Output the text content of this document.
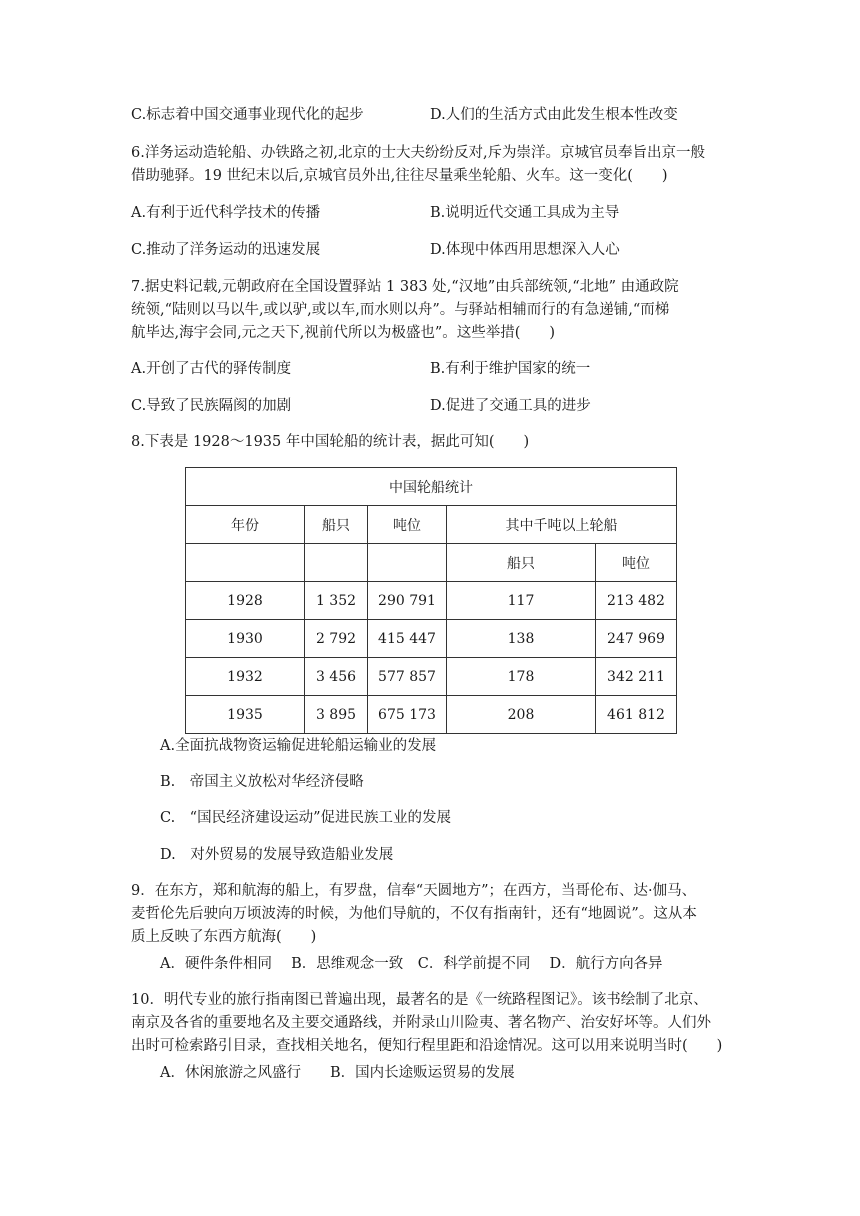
C.标志着中国交通事业现代化的起步	D.人们的生活方式由此发生根本性改变
6.洋务运动造轮船、办铁路之初,北京的士大夫纷纷反对,斥为崇洋。京城官员奉旨出京一般
借助驰驿。19 世纪末以后,京城官员外出,往往尽量乘坐轮船、火车。这一变化(　　)
A.有利于近代科学技术的传播	B.说明近代交通工具成为主导
C.推动了洋务运动的迅速发展	D.体现中体西用思想深入人心
7.据史料记载,元朝政府在全国设置驿站 1 383 处,“汉地”由兵部统领,“北地” 由通政院
统领,“陆则以马以牛,或以驴,或以车,而水则以舟”。与驿站相辅而行的有急递铺,“而梯
航毕达,海宇会同,元之天下,视前代所以为极盛也”。这些举措(　　)
A.开创了古代的驿传制度	B.有利于维护国家的统一
C.导致了民族隔阂的加剧	D.促进了交通工具的进步
8.下表是 1928～1935 年中国轮船的统计表，据此可知(　　)
中国轮船统计				
年份	船只	吨位	其中千吨以上轮船	
			船只	吨位
1928	1 352	290 791	117	213 482
1930	2 792	415 447	138	247 969
1932	3 456	577 857	178	342 211
1935	3 895	675 173	208	461 812
A.全面抗战物资运输促进轮船运输业的发展
B.　帝国主义放松对华经济侵略
C.　“国民经济建设运动”促进民族工业的发展
D.　对外贸易的发展导致造船业发展
9．在东方，郑和航海的船上，有罗盘，信奉“天圆地方”；在西方，当哥伦布、达·伽马、
麦哲伦先后驶向万顷波涛的时候，为他们导航的，不仅有指南针，还有“地圆说”。这从本
质上反映了东西方航海(　　)
A．硬件条件相同　 B．思维观念一致　C．科学前提不同　 D．航行方向各异
10．明代专业的旅行指南图已普遍出现，最著名的是《一统路程图记》。该书绘制了北京、
南京及各省的重要地名及主要交通路线，并附录山川险夷、著名物产、治安好坏等。人们外
出时可检索路引目录，查找相关地名，便知行程里距和沿途情况。这可以用来说明当时(　　)
A．休闲旅游之风盛行　　B．国内长途贩运贸易的发展
